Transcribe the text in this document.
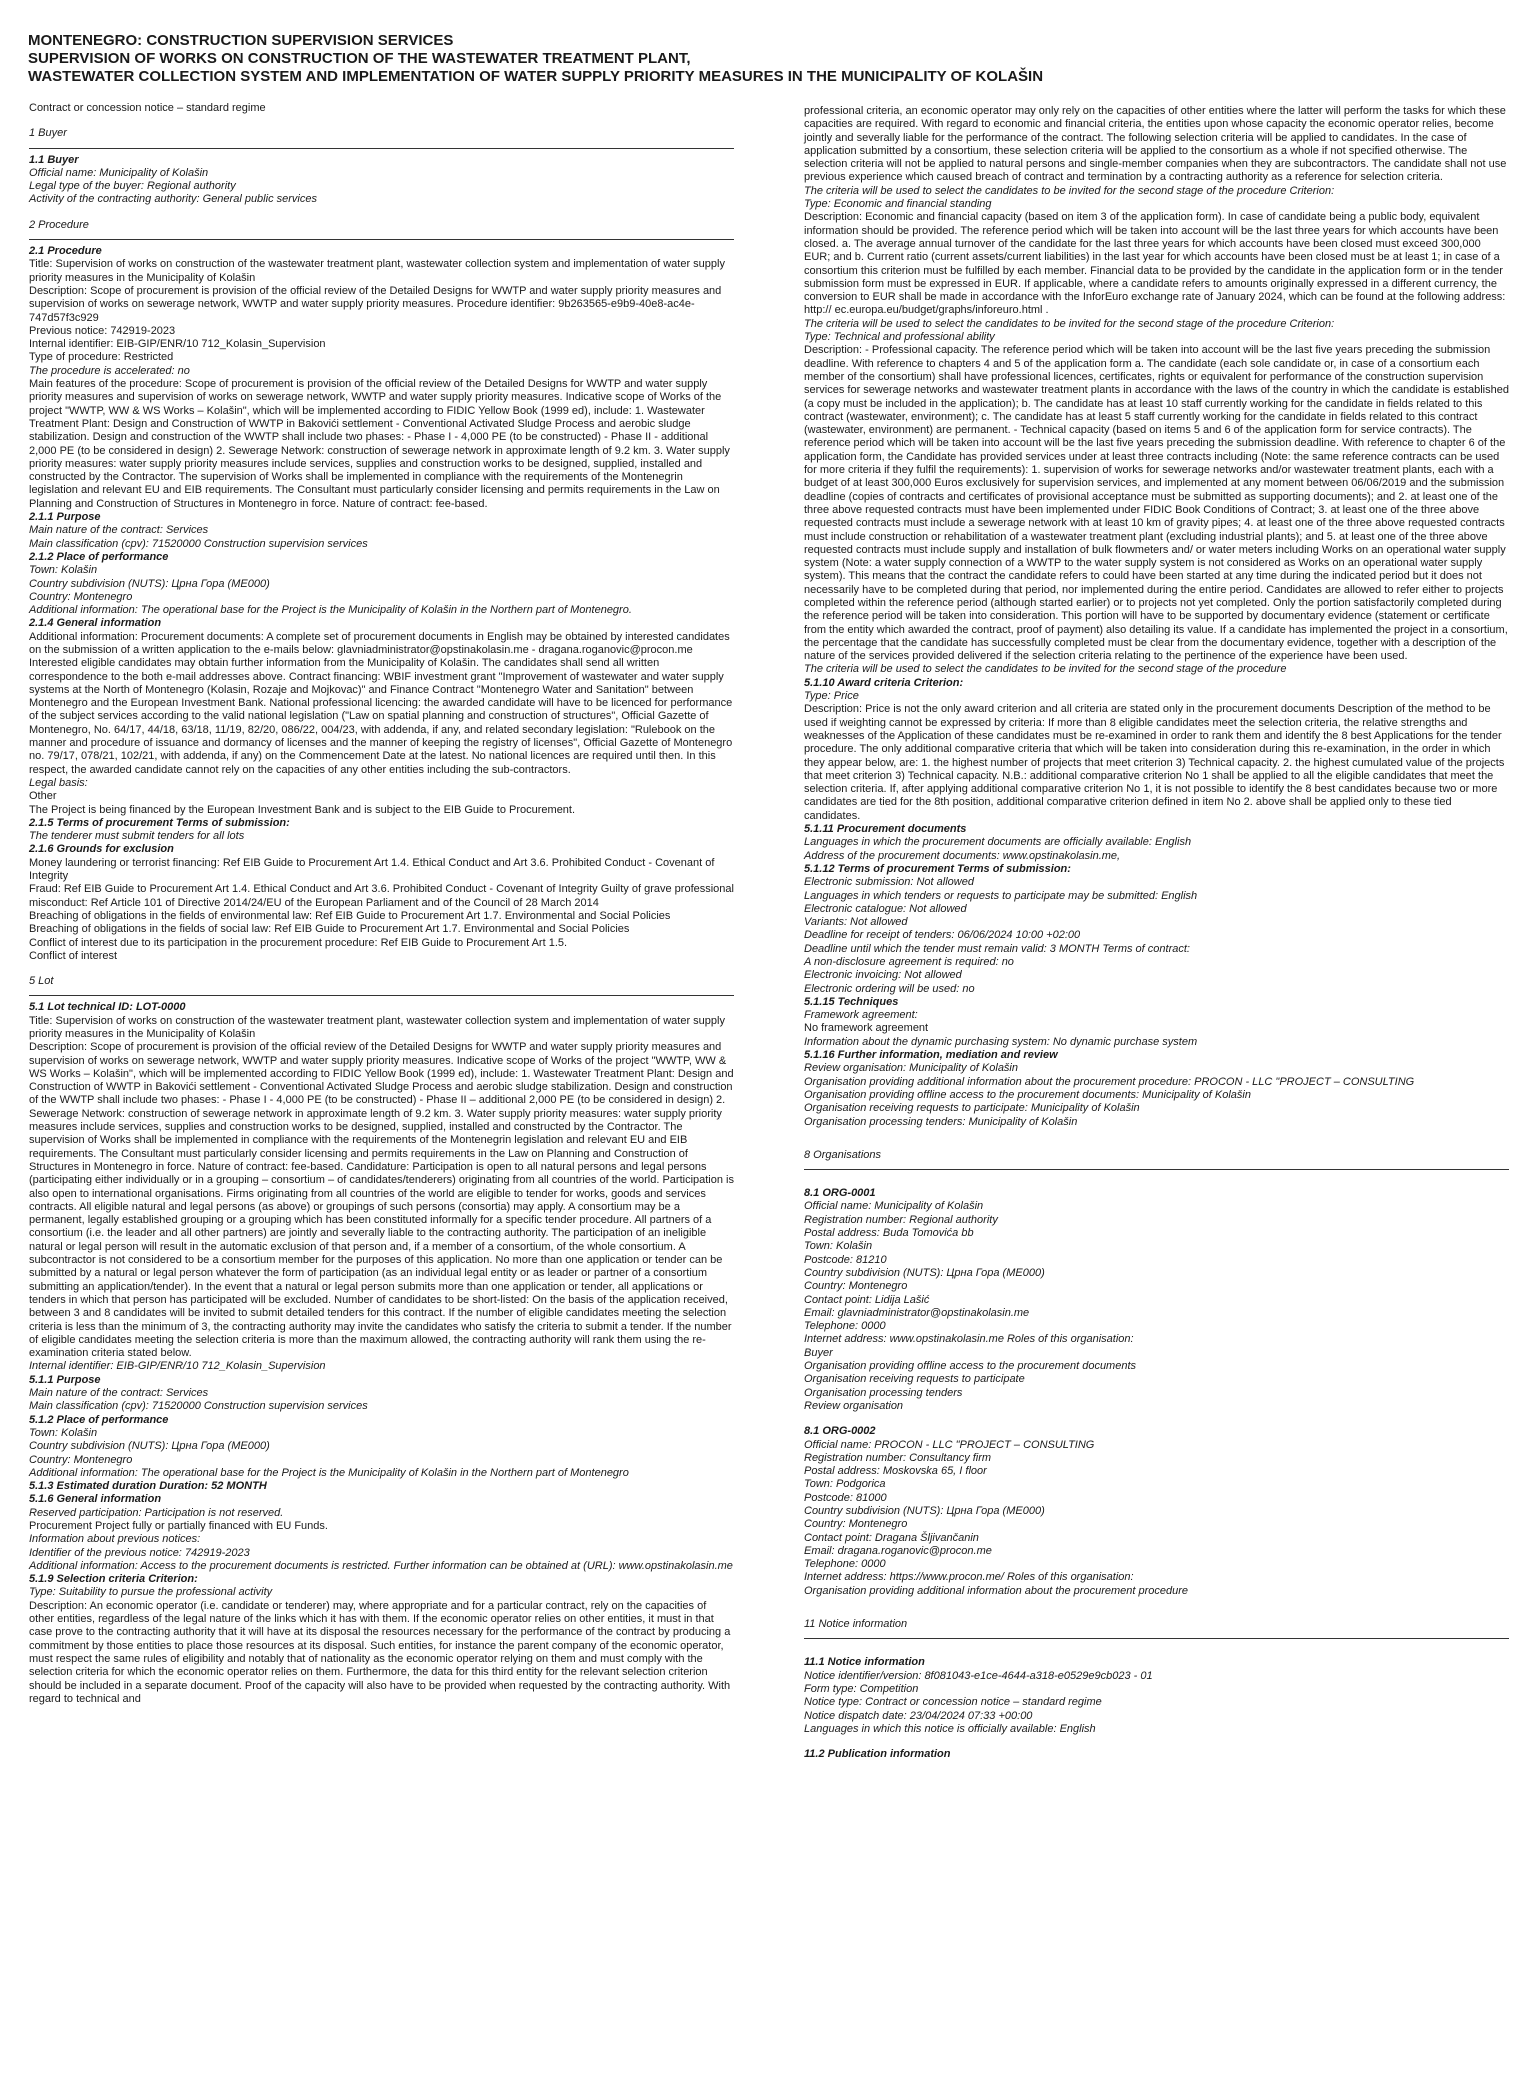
MONTENEGRO: CONSTRUCTION SUPERVISION SERVICES
SUPERVISION OF WORKS ON CONSTRUCTION OF THE WASTEWATER TREATMENT PLANT,
WASTEWATER COLLECTION SYSTEM AND IMPLEMENTATION OF WATER SUPPLY PRIORITY MEASURES IN THE MUNICIPALITY OF KOLAŠIN

Contract or concession notice – standard regime

1 Buyer

1.1 Buyer

Official name: Municipality of Kolašin

Legal type of the buyer: Regional authority

Activity of the contracting authority: General public services

2 Procedure

2.1 Procedure

Title: Supervision of works on construction of the wastewater treatment plant, wastewater collection system and implementation of water supply priority measures in the Municipality of Kolašin

Description: Scope of procurement is provision of the official review of the Detailed Designs for WWTP and water supply priority measures and supervision of works on sewerage network, WWTP and water supply priority measures. Procedure identifier: 9b263565-e9b9-40e8-ac4e-747d57f3c929

Previous notice: 742919-2023

Internal identifier: EIB-GIP/ENR/10 712_Kolasin_Supervision

Type of procedure: Restricted

The procedure is accelerated: no

Main features of the procedure: Scope of procurement is provision of the official review of the Detailed Designs for WWTP and water supply priority measures and supervision of works on sewerage network, WWTP and water supply priority measures. Indicative scope of Works of the project "WWTP, WW & WS Works – Kolašin", which will be implemented according to FIDIC Yellow Book (1999 ed), include: 1. Wastewater Treatment Plant: Design and Construction of WWTP in Bakovići settlement - Conventional Activated Sludge Process and aerobic sludge stabilization. Design and construction of the WWTP shall include two phases: - Phase I - 4,000 PE (to be constructed) - Phase II - additional 2,000 PE (to be considered in design) 2. Sewerage Network: construction of sewerage network in approximate length of 9.2 km. 3. Water supply priority measures: water supply priority measures include services, supplies and construction works to be designed, supplied, installed and constructed by the Contractor. The supervision of Works shall be implemented in compliance with the requirements of the Montenegrin legislation and relevant EU and EIB requirements. The Consultant must particularly consider licensing and permits requirements in the Law on Planning and Construction of Structures in Montenegro in force. Nature of contract: fee-based.

2.1.1 Purpose

Main nature of the contract: Services

Main classification (cpv): 71520000 Construction supervision services

2.1.2 Place of performance

Town: Kolašin

Country subdivision (NUTS): Црна Гора (ME000)

Country: Montenegro

Additional information: The operational base for the Project is the Municipality of Kolašin in the Northern part of Montenegro.

2.1.4 General information

Additional information: Procurement documents: A complete set of procurement documents in English may be obtained by interested candidates on the submission of a written application to the e-mails below: glavniadministrator@opstinakolasin.me - dragana.roganovic@procon.me Interested eligible candidates may obtain further information from the Municipality of Kolašin. The candidates shall send all written correspondence to the both e-mail addresses above. Contract financing: WBIF investment grant "Improvement of wastewater and water supply systems at the North of Montenegro (Kolasin, Rozaje and Mojkovac)" and Finance Contract "Montenegro Water and Sanitation" between Montenegro and the European Investment Bank. National professional licencing: the awarded candidate will have to be licenced for performance of the subject services according to the valid national legislation ("Law on spatial planning and construction of structures", Official Gazette of Montenegro, No. 64/17, 44/18, 63/18, 11/19, 82/20, 086/22, 004/23, with addenda, if any, and related secondary legislation: "Rulebook on the manner and procedure of issuance and dormancy of licenses and the manner of keeping the registry of licenses", Official Gazette of Montenegro no. 79/17, 078/21, 102/21, with addenda, if any) on the Commencement Date at the latest. No national licences are required until then. In this respect, the awarded candidate cannot rely on the capacities of any other entities including the sub-contractors.

Legal basis:

Other

The Project is being financed by the European Investment Bank and is subject to the EIB Guide to Procurement.

2.1.5 Terms of procurement Terms of submission:

The tenderer must submit tenders for all lots

2.1.6 Grounds for exclusion

Money laundering or terrorist financing: Ref EIB Guide to Procurement Art 1.4. Ethical Conduct and Art 3.6. Prohibited Conduct - Covenant of Integrity

Fraud: Ref EIB Guide to Procurement Art 1.4. Ethical Conduct and Art 3.6. Prohibited Conduct - Covenant of Integrity Guilty of grave professional misconduct: Ref Article 101 of Directive 2014/24/EU of the European Parliament and of the Council of 28 March 2014

Breaching of obligations in the fields of environmental law: Ref EIB Guide to Procurement Art 1.7. Environmental and Social Policies

Breaching of obligations in the fields of social law: Ref EIB Guide to Procurement Art 1.7. Environmental and Social Policies

Conflict of interest due to its participation in the procurement procedure: Ref EIB Guide to Procurement Art 1.5.

Conflict of interest

5 Lot

5.1 Lot technical ID: LOT-0000

Title: Supervision of works on construction of the wastewater treatment plant, wastewater collection system and implementation of water supply priority measures in the Municipality of Kolašin

Description: Scope of procurement is provision of the official review of the Detailed Designs for WWTP and water supply priority measures and supervision of works on sewerage network, WWTP and water supply priority measures. Indicative scope of Works of the project "WWTP, WW & WS Works – Kolašin", which will be implemented according to FIDIC Yellow Book (1999 ed), include: 1. Wastewater Treatment Plant: Design and Construction of WWTP in Bakovići settlement - Conventional Activated Sludge Process and aerobic sludge stabilization. Design and construction of the WWTP shall include two phases: - Phase I - 4,000 PE (to be constructed) - Phase II – additional 2,000 PE (to be considered in design) 2. Sewerage Network: construction of sewerage network in approximate length of 9.2 km. 3. Water supply priority measures: water supply priority measures include services, supplies and construction works to be designed, supplied, installed and constructed by the Contractor. The supervision of Works shall be implemented in compliance with the requirements of the Montenegrin legislation and relevant EU and EIB requirements. The Consultant must particularly consider licensing and permits requirements in the Law on Planning and Construction of Structures in Montenegro in force. Nature of contract: fee-based. Candidature: Participation is open to all natural persons and legal persons (participating either individually or in a grouping – consortium – of candidates/tenderers) originating from all countries of the world. Participation is also open to international organisations. Firms originating from all countries of the world are eligible to tender for works, goods and services contracts. All eligible natural and legal persons (as above) or groupings of such persons (consortia) may apply. A consortium may be a permanent, legally established grouping or a grouping which has been constituted informally for a specific tender procedure. All partners of a consortium (i.e. the leader and all other partners) are jointly and severally liable to the contracting authority. The participation of an ineligible natural or legal person will result in the automatic exclusion of that person and, if a member of a consortium, of the whole consortium. A subcontractor is not considered to be a consortium member for the purposes of this application. No more than one application or tender can be submitted by a natural or legal person whatever the form of participation (as an individual legal entity or as leader or partner of a consortium submitting an application/tender). In the event that a natural or legal person submits more than one application or tender, all applications or tenders in which that person has participated will be excluded. Number of candidates to be short-listed: On the basis of the application received, between 3 and 8 candidates will be invited to submit detailed tenders for this contract. If the number of eligible candidates meeting the selection criteria is less than the minimum of 3, the contracting authority may invite the candidates who satisfy the criteria to submit a tender. If the number of eligible candidates meeting the selection criteria is more than the maximum allowed, the contracting authority will rank them using the re-examination criteria stated below.

Internal identifier: EIB-GIP/ENR/10 712_Kolasin_Supervision

5.1.1 Purpose

Main nature of the contract: Services

Main classification (cpv): 71520000 Construction supervision services

5.1.2 Place of performance

Town: Kolašin

Country subdivision (NUTS): Црна Гора (ME000)

Country: Montenegro

Additional information: The operational base for the Project is the Municipality of Kolašin in the Northern part of Montenegro

5.1.3 Estimated duration Duration: 52 MONTH

5.1.6 General information

Reserved participation: Participation is not reserved.

Procurement Project fully or partially financed with EU Funds.

Information about previous notices:

Identifier of the previous notice: 742919-2023

Additional information: Access to the procurement documents is restricted. Further information can be obtained at (URL): www.opstinakolasin.me

5.1.9 Selection criteria Criterion:

Type: Suitability to pursue the professional activity

Description: An economic operator (i.e. candidate or tenderer) may, where appropriate and for a particular contract, rely on the capacities of other entities, regardless of the legal nature of the links which it has with them. If the economic operator relies on other entities, it must in that case prove to the contracting authority that it will have at its disposal the resources necessary for the performance of the contract by producing a commitment by those entities to place those resources at its disposal. Such entities, for instance the parent company of the economic operator, must respect the same rules of eligibility and notably that of nationality as the economic operator relying on them and must comply with the selection criteria for which the economic operator relies on them. Furthermore, the data for this third entity for the relevant selection criterion should be included in a separate document. Proof of the capacity will also have to be provided when requested by the contracting authority. With regard to technical and

professional criteria, an economic operator may only rely on the capacities of other entities where the latter will perform the tasks for which these capacities are required. With regard to economic and financial criteria, the entities upon whose capacity the economic operator relies, become jointly and severally liable for the performance of the contract. The following selection criteria will be applied to candidates. In the case of application submitted by a consortium, these selection criteria will be applied to the consortium as a whole if not specified otherwise. The selection criteria will not be applied to natural persons and single-member companies when they are subcontractors. The candidate shall not use previous experience which caused breach of contract and termination by a contracting authority as a reference for selection criteria.

The criteria will be used to select the candidates to be invited for the second stage of the procedure Criterion:

Type: Economic and financial standing

Description: Economic and financial capacity (based on item 3 of the application form). In case of candidate being a public body, equivalent information should be provided. The reference period which will be taken into account will be the last three years for which accounts have been closed. a. The average annual turnover of the candidate for the last three years for which accounts have been closed must exceed 300,000 EUR; and b. Current ratio (current assets/current liabilities) in the last year for which accounts have been closed must be at least 1; in case of a consortium this criterion must be fulfilled by each member. Financial data to be provided by the candidate in the application form or in the tender submission form must be expressed in EUR. If applicable, where a candidate refers to amounts originally expressed in a different currency, the conversion to EUR shall be made in accordance with the InforEuro exchange rate of January 2024, which can be found at the following address: http:// ec.europa.eu/budget/graphs/inforeuro.html .

The criteria will be used to select the candidates to be invited for the second stage of the procedure Criterion:

Type: Technical and professional ability

Description: - Professional capacity. The reference period which will be taken into account will be the last five years preceding the submission deadline. With reference to chapters 4 and 5 of the application form a. The candidate (each sole candidate or, in case of a consortium each member of the consortium) shall have professional licences, certificates, rights or equivalent for performance of the construction supervision services for sewerage networks and wastewater treatment plants in accordance with the laws of the country in which the candidate is established (a copy must be included in the application); b. The candidate has at least 10 staff currently working for the candidate in fields related to this contract (wastewater, environment); c. The candidate has at least 5 staff currently working for the candidate in fields related to this contract (wastewater, environment) are permanent. - Technical capacity (based on items 5 and 6 of the application form for service contracts). The reference period which will be taken into account will be the last five years preceding the submission deadline. With reference to chapter 6 of the application form, the Candidate has provided services under at least three contracts including (Note: the same reference contracts can be used for more criteria if they fulfil the requirements): 1. supervision of works for sewerage networks and/or wastewater treatment plants, each with a budget of at least 300,000 Euros exclusively for supervision services, and implemented at any moment between 06/06/2019 and the submission deadline (copies of contracts and certificates of provisional acceptance must be submitted as supporting documents); and 2. at least one of the three above requested contracts must have been implemented under FIDIC Book Conditions of Contract; 3. at least one of the three above requested contracts must include a sewerage network with at least 10 km of gravity pipes; 4. at least one of the three above requested contracts must include construction or rehabilitation of a wastewater treatment plant (excluding industrial plants); and 5. at least one of the three above requested contracts must include supply and installation of bulk flowmeters and/ or water meters including Works on an operational water supply system (Note: a water supply connection of a WWTP to the water supply system is not considered as Works on an operational water supply system). This means that the contract the candidate refers to could have been started at any time during the indicated period but it does not necessarily have to be completed during that period, nor implemented during the entire period. Candidates are allowed to refer either to projects completed within the reference period (although started earlier) or to projects not yet completed. Only the portion satisfactorily completed during the reference period will be taken into consideration. This portion will have to be supported by documentary evidence (statement or certificate from the entity which awarded the contract, proof of payment) also detailing its value. If a candidate has implemented the project in a consortium, the percentage that the candidate has successfully completed must be clear from the documentary evidence, together with a description of the nature of the services provided delivered if the selection criteria relating to the pertinence of the experience have been used.

The criteria will be used to select the candidates to be invited for the second stage of the procedure

5.1.10 Award criteria Criterion:

Type: Price

Description: Price is not the only award criterion and all criteria are stated only in the procurement documents Description of the method to be used if weighting cannot be expressed by criteria: If more than 8 eligible candidates meet the selection criteria, the relative strengths and weaknesses of the Application of these candidates must be re-examined in order to rank them and identify the 8 best Applications for the tender procedure. The only additional comparative criteria that which will be taken into consideration during this re-examination, in the order in which they appear below, are: 1. the highest number of projects that meet criterion 3) Technical capacity. 2. the highest cumulated value of the projects that meet criterion 3) Technical capacity. N.B.: additional comparative criterion No 1 shall be applied to all the eligible candidates that meet the selection criteria. If, after applying additional comparative criterion No 1, it is not possible to identify the 8 best candidates because two or more candidates are tied for the 8th position, additional comparative criterion defined in item No 2. above shall be applied only to these tied candidates.

5.1.11 Procurement documents

Languages in which the procurement documents are officially available: English

Address of the procurement documents: www.opstinakolasin.me,

5.1.12 Terms of procurement Terms of submission:

Electronic submission: Not allowed

Languages in which tenders or requests to participate may be submitted: English

Electronic catalogue: Not allowed

Variants: Not allowed

Deadline for receipt of tenders: 06/06/2024 10:00 +02:00

Deadline until which the tender must remain valid: 3 MONTH Terms of contract:

A non-disclosure agreement is required: no

Electronic invoicing: Not allowed

Electronic ordering will be used: no

5.1.15 Techniques

Framework agreement:

No framework agreement

Information about the dynamic purchasing system: No dynamic purchase system

5.1.16 Further information, mediation and review

Review organisation: Municipality of Kolašin

Organisation providing additional information about the procurement procedure: PROCON - LLC "PROJECT – CONSULTING

Organisation providing offline access to the procurement documents: Municipality of Kolašin

Organisation receiving requests to participate: Municipality of Kolašin

Organisation processing tenders: Municipality of Kolašin

8 Organisations

8.1 ORG-0001

Official name: Municipality of Kolašin

Registration number: Regional authority

Postal address: Buda Tomovića bb

Town: Kolašin

Postcode: 81210

Country subdivision (NUTS): Црна Гора (ME000)

Country: Montenegro

Contact point: Lidija Lašić

Email: glavniadministrator@opstinakolasin.me

Telephone: 0000

Internet address: www.opstinakolasin.me Roles of this organisation:

Buyer

Organisation providing offline access to the procurement documents

Organisation receiving requests to participate

Organisation processing tenders

Review organisation

8.1 ORG-0002

Official name: PROCON - LLC "PROJECT – CONSULTING

Registration number: Consultancy firm

Postal address: Moskovska 65, I floor

Town: Podgorica

Postcode: 81000

Country subdivision (NUTS): Црна Гора (ME000)

Country: Montenegro

Contact point: Dragana Šljivančanin

Email: dragana.roganovic@procon.me

Telephone: 0000

Internet address: https://www.procon.me/ Roles of this organisation:

Organisation providing additional information about the procurement procedure

11 Notice information

11.1 Notice information

Notice identifier/version: 8f081043-e1ce-4644-a318-e0529e9cb023 - 01

Form type: Competition

Notice type: Contract or concession notice – standard regime

Notice dispatch date: 23/04/2024 07:33 +00:00

Languages in which this notice is officially available: English

11.2 Publication information
